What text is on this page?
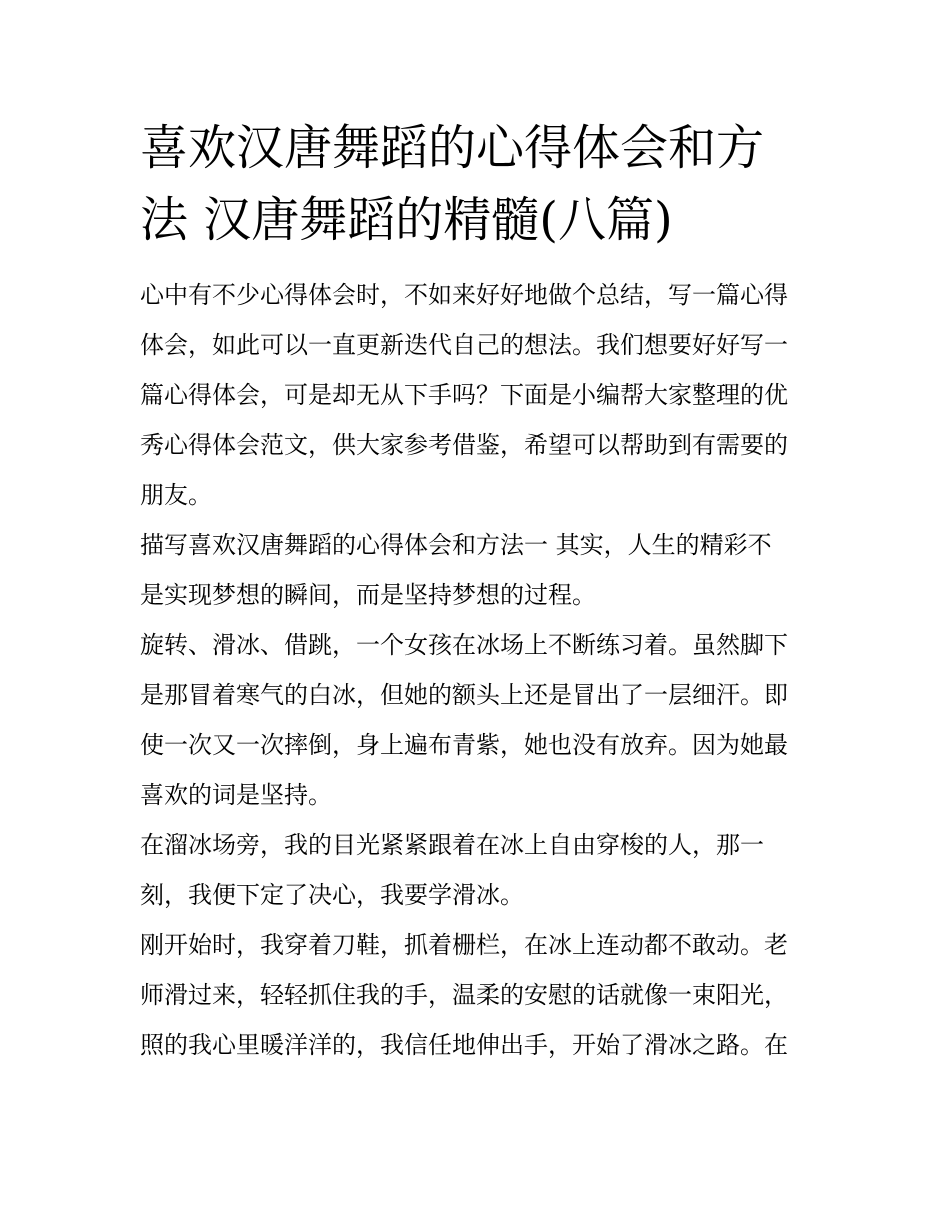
喜欢汉唐舞蹈的心得体会和方
法 汉唐舞蹈的精髓(八篇)

心中有不少心得体会时，不如来好好地做个总结，写一篇心得
体会，如此可以一直更新迭代自己的想法。我们想要好好写一
篇心得体会，可是却无从下手吗？下面是小编帮大家整理的优
秀心得体会范文，供大家参考借鉴，希望可以帮助到有需要的
朋友。

描写喜欢汉唐舞蹈的心得体会和方法一 其实，人生的精彩不
是实现梦想的瞬间，而是坚持梦想的过程。

旋转、滑冰、借跳，一个女孩在冰场上不断练习着。虽然脚下
是那冒着寒气的白冰，但她的额头上还是冒出了一层细汗。即
使一次又一次摔倒，身上遍布青紫，她也没有放弃。因为她最
喜欢的词是坚持。

在溜冰场旁，我的目光紧紧跟着在冰上自由穿梭的人，那一
刻，我便下定了决心，我要学滑冰。

刚开始时，我穿着刀鞋，抓着栅栏，在冰上连动都不敢动。老
师滑过来，轻轻抓住我的手，温柔的安慰的话就像一束阳光，
照的我心里暖洋洋的，我信任地伸出手，开始了滑冰之路。在
